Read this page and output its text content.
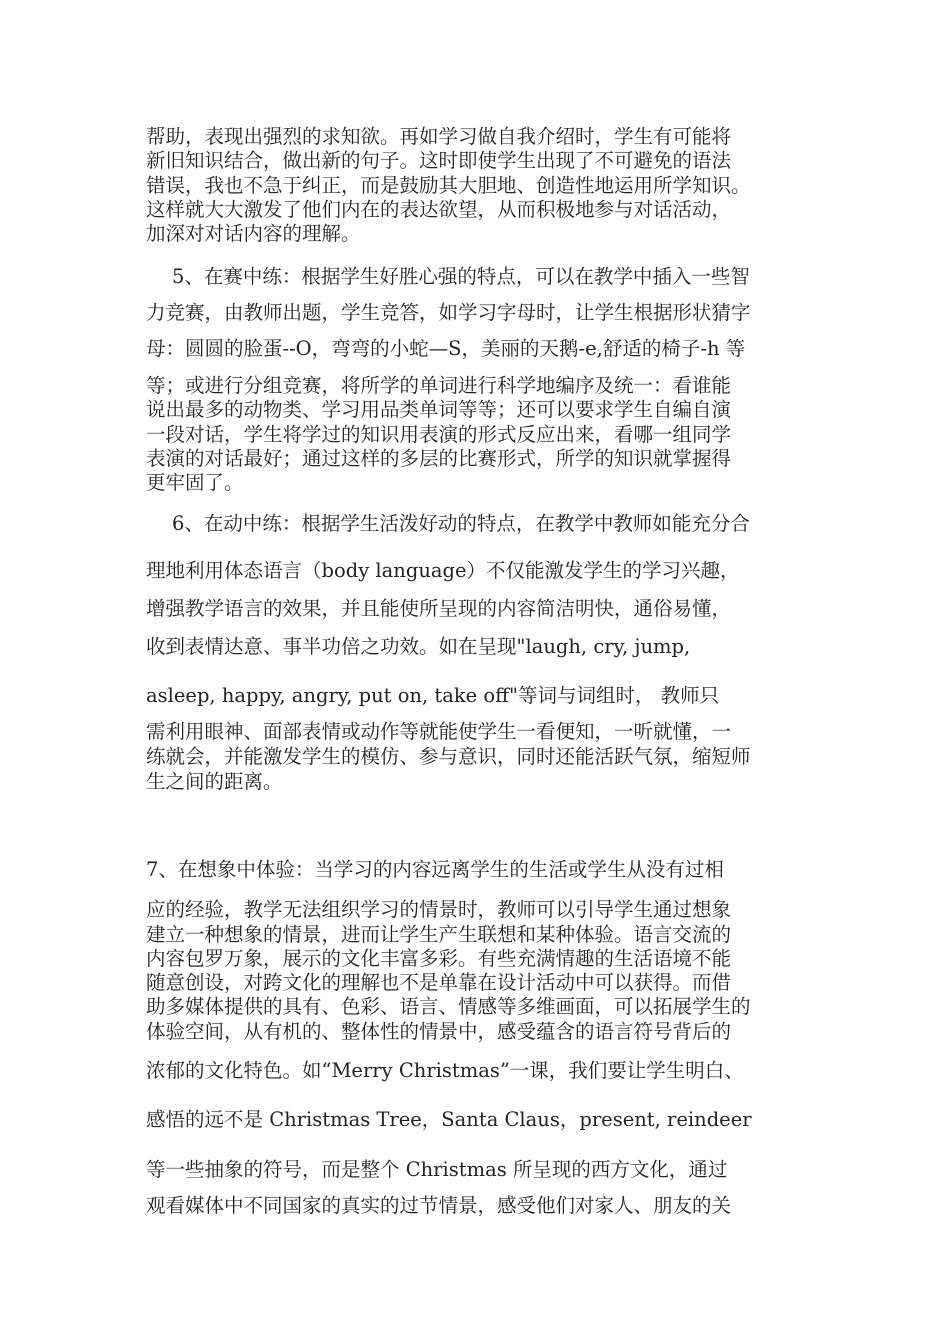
帮助，表现出强烈的求知欲。再如学习做自我介绍时，学生有可能将
新旧知识结合，做出新的句子。这时即使学生出现了不可避免的语法
错误，我也不急于纠正，而是鼓励其大胆地、创造性地运用所学知识。
这样就大大激发了他们内在的表达欲望，从而积极地参与对话活动，
加深对对话内容的理解。
5、在赛中练：根据学生好胜心强的特点，可以在教学中插入一些智
力竞赛，由教师出题，学生竞答，如学习字母时，让学生根据形状猜字
母：圆圆的脸蛋--O，弯弯的小蛇—S，美丽的天鹅-e,舒适的椅子-h 等
等；或进行分组竞赛，将所学的单词进行科学地编序及统一：看谁能
说出最多的动物类、学习用品类单词等等；还可以要求学生自编自演
一段对话，学生将学过的知识用表演的形式反应出来，看哪一组同学
表演的对话最好；通过这样的多层的比赛形式，所学的知识就掌握得
更牢固了。
6、在动中练：根据学生活泼好动的特点，在教学中教师如能充分合
理地利用体态语言（body language）不仅能激发学生的学习兴趣，
增强教学语言的效果，并且能使所呈现的内容简洁明快，通俗易懂，
收到表情达意、事半功倍之功效。如在呈现"laugh, cry, jump,
asleep, happy, angry, put on, take off"等词与词组时， 教师只
需利用眼神、面部表情或动作等就能使学生一看便知，一听就懂，一
练就会，并能激发学生的模仿、参与意识，同时还能活跃气氛，缩短师
生之间的距离。
7、在想象中体验：当学习的内容远离学生的生活或学生从没有过相
应的经验，教学无法组织学习的情景时，教师可以引导学生通过想象
建立一种想象的情景，进而让学生产生联想和某种体验。语言交流的
内容包罗万象，展示的文化丰富多彩。有些充满情趣的生活语境不能
随意创设，对跨文化的理解也不是单靠在设计活动中可以获得。而借
助多媒体提供的具有、色彩、语言、情感等多维画面，可以拓展学生的
体验空间，从有机的、整体性的情景中，感受蕴含的语言符号背后的
浓郁的文化特色。如“Merry Christmas”一课，我们要让学生明白、
感悟的远不是 Christmas Tree，Santa Claus，present, reindeer
等一些抽象的符号，而是整个 Christmas 所呈现的西方文化，通过
观看媒体中不同国家的真实的过节情景，感受他们对家人、朋友的关
